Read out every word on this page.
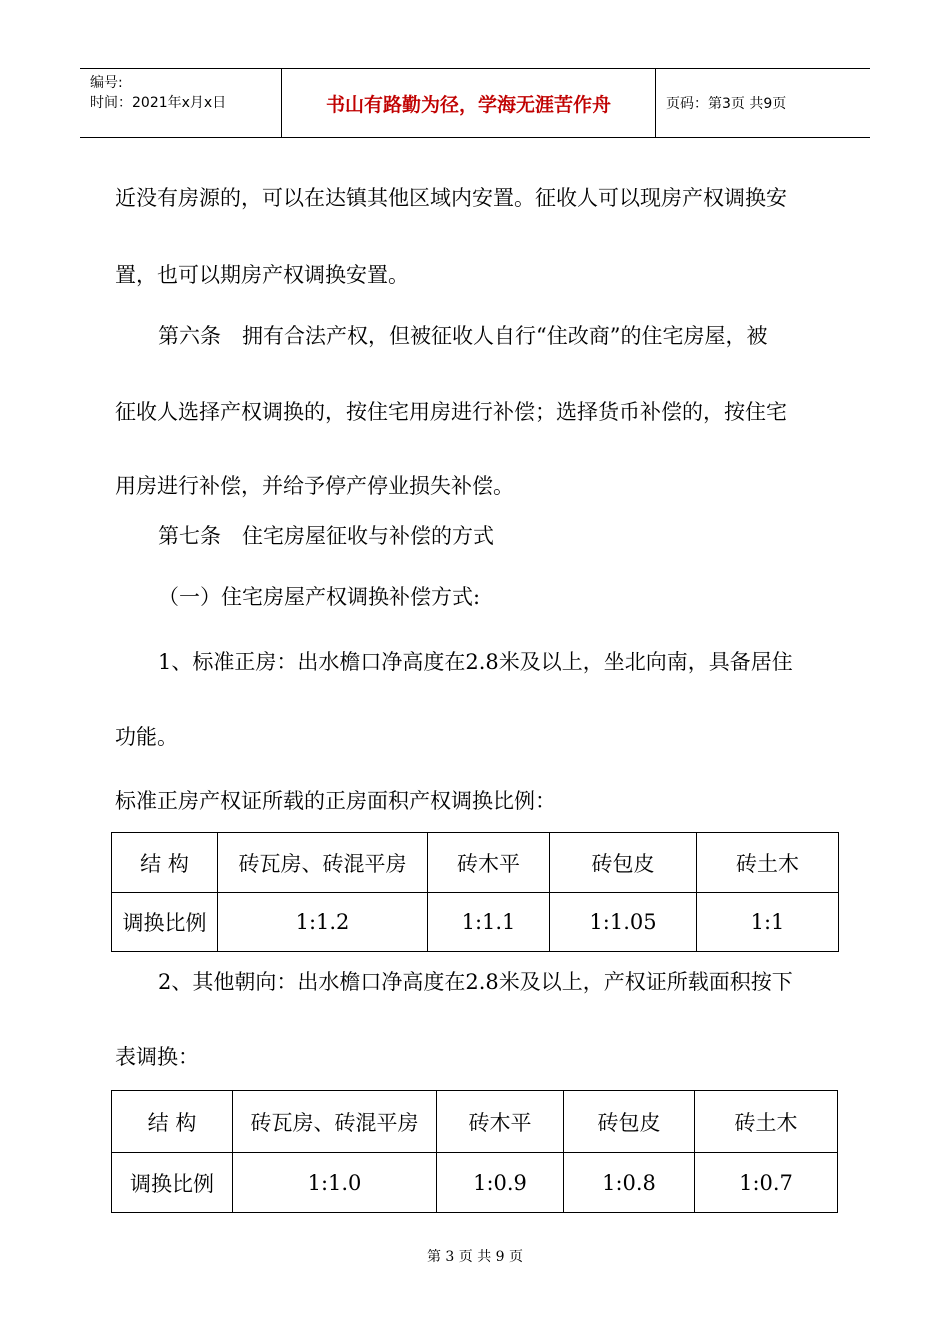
编号:
时间：2021年x月x日	书山有路勤为径，学海无涯苦作舟	页码：第3页 共9页
近没有房源的，可以在达镇其他区域内安置。征收人可以现房产权调换安
置，也可以期房产权调换安置。
第六条　拥有合法产权，但被征收人自行“住改商”的住宅房屋，被
征收人选择产权调换的，按住宅用房进行补偿；选择货币补偿的，按住宅
用房进行补偿，并给予停产停业损失补偿。
第七条　住宅房屋征收与补偿的方式
（一）住宅房屋产权调换补偿方式:
1、标准正房：出水檐口净高度在2.8米及以上，坐北向南，具备居住
功能。
标准正房产权证所载的正房面积产权调换比例：
结 构	砖瓦房、砖混平房	砖木平	砖包皮	砖土木
调换比例	1:1.2	1:1.1	1:1.05	1:1
2、其他朝向：出水檐口净高度在2.8米及以上，产权证所载面积按下
表调换：
结 构	砖瓦房、砖混平房	砖木平	砖包皮	砖土木
调换比例	1:1.0	1:0.9	1:0.8	1:0.7
第 3 页 共 9 页
